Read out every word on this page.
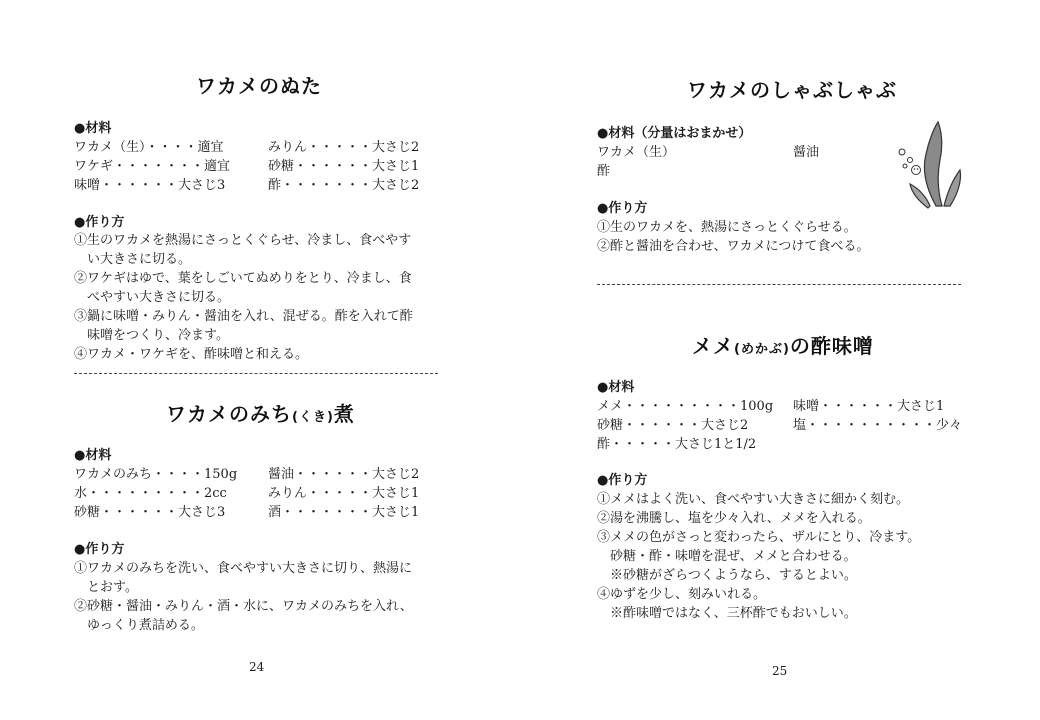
ワカメのぬた

●材料

ワカメ（生）・・・・適宜	みりん・・・・・大さじ2

ワケギ・・・・・・・適宜	砂糖・・・・・・大さじ1

味噌・・・・・・大さじ3	酢・・・・・・・大さじ2

●作り方

①生のワカメを熱湯にさっとくぐらせ、冷まし、食べやす

い大きさに切る。

②ワケギはゆで、葉をしごいてぬめりをとり、冷まし、食

べやすい大きさに切る。

③鍋に味噌・みりん・醤油を入れ、混ぜる。酢を入れて酢

味噌をつくり、冷ます。

④ワカメ・ワケギを、酢味噌と和える。

ワカメのみち(くき)煮

●材料

ワカメのみち・・・・150g 醤油・・・・・・大さじ2

水・・・・・・・・・2cc	みりん・・・・・大さじ1

砂糖・・・・・・大さじ3	酒・・・・・・・大さじ1

●作り方

①ワカメのみちを洗い、食べやすい大きさに切り、熱湯に

とおす。

②砂糖・醤油・みりん・酒・水に、ワカメのみちを入れ、

ゆっくり煮詰める。

24

ワカメのしゃぶしゃぶ

●材料（分量はおまかせ）

ワカメ（生）	醤油

酢

●作り方

①生のワカメを、熱湯にさっとくぐらせる。

②酢と醤油を合わせ、ワカメにつけて食べる。

メメ(めかぶ)の酢味噌

●材料

メメ・・・・・・・・・100g 味噌・・・・・・大さじ1

砂糖・・・・・・大さじ2	塩・・・・・・・・・・少々

酢・・・・・大さじ1と1/2

●作り方

①メメはよく洗い、食べやすい大きさに細かく刻む。

②湯を沸騰し、塩を少々入れ、メメを入れる。

③メメの色がさっと変わったら、ザルにとり、冷ます。

砂糖・酢・味噌を混ぜ、メメと合わせる。

※砂糖がざらつくようなら、するとよい。

④ゆずを少し、刻みいれる。

※酢味噌ではなく、三杯酢でもおいしい。

25
